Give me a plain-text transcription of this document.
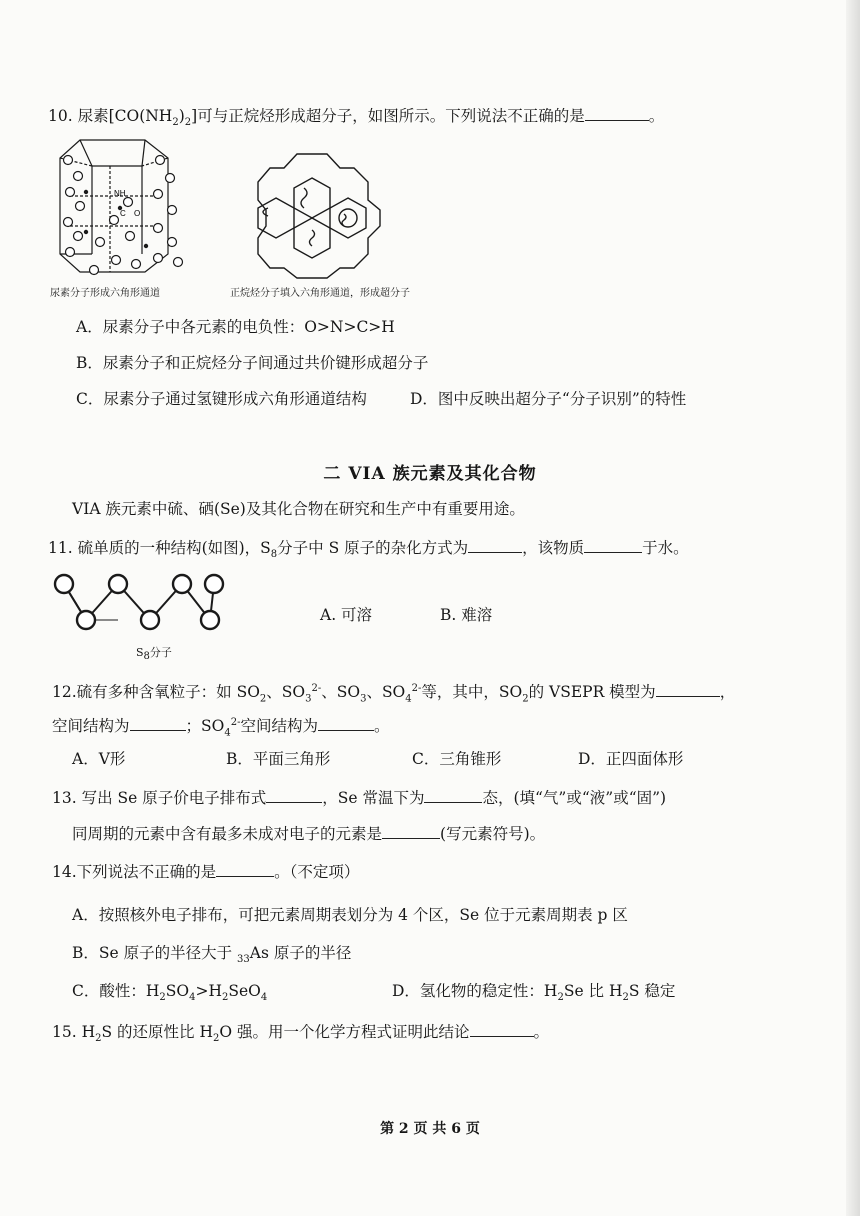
10. 尿素$[CO(NH_2)_2]$可与正烷烃形成超分子，如图所示。下列说法不正确的是	。
NH
C O
尿素分子形成六角形通道	正烷烃分子填入六角形通道，形成超分子
A．尿素分子中各元素的电负性：O>N>C>H
B．尿素分子和正烷烃分子间通过共价键形成超分子
C．尿素分子通过氢键形成六角形通道结构	D．图中反映出超分子“分子识别”的特性
二 VIA 族元素及其化合物
VIA 族元素中硫、硒(Se)及其化合物在研究和生产中有重要用途。
11. 硫单质的一种结构(如图)，$S_8$分子中 S 原子的杂化方式为	，该物质	于水。
$S_8$分子
A. 可溶	B. 难溶
12.硫有多种含氧粒子：如 $SO_2$、$SO_3^{2-}$、$SO_3$、$SO_4^{2-}$等，其中，$SO_2$的 VSEPR 模型为	，
空间结构为	；$SO_4^{2-}$空间结构为	。
A．V形	B．平面三角形	C．三角锥形	D．正四面体形
13. 写出 Se 原子价电子排布式	，Se 常温下为	态，(填“气”或“液”或“固”)
同周期的元素中含有最多未成对电子的元素是	(写元素符号)。
14.下列说法不正确的是	。（不定项）
A．按照核外电子排布，可把元素周期表划分为 4 个区，Se 位于元素周期表 p 区
B．Se 原子的半径大于 $_{33}$As 原子的半径
C．酸性：$H_2SO_4>H_2SeO_4$	D．氢化物的稳定性：$H_2Se$ 比 $H_2S$ 稳定
15. $H_2S$ 的还原性比 $H_2O$ 强。用一个化学方程式证明此结论	。
第 2 页 共 6 页
